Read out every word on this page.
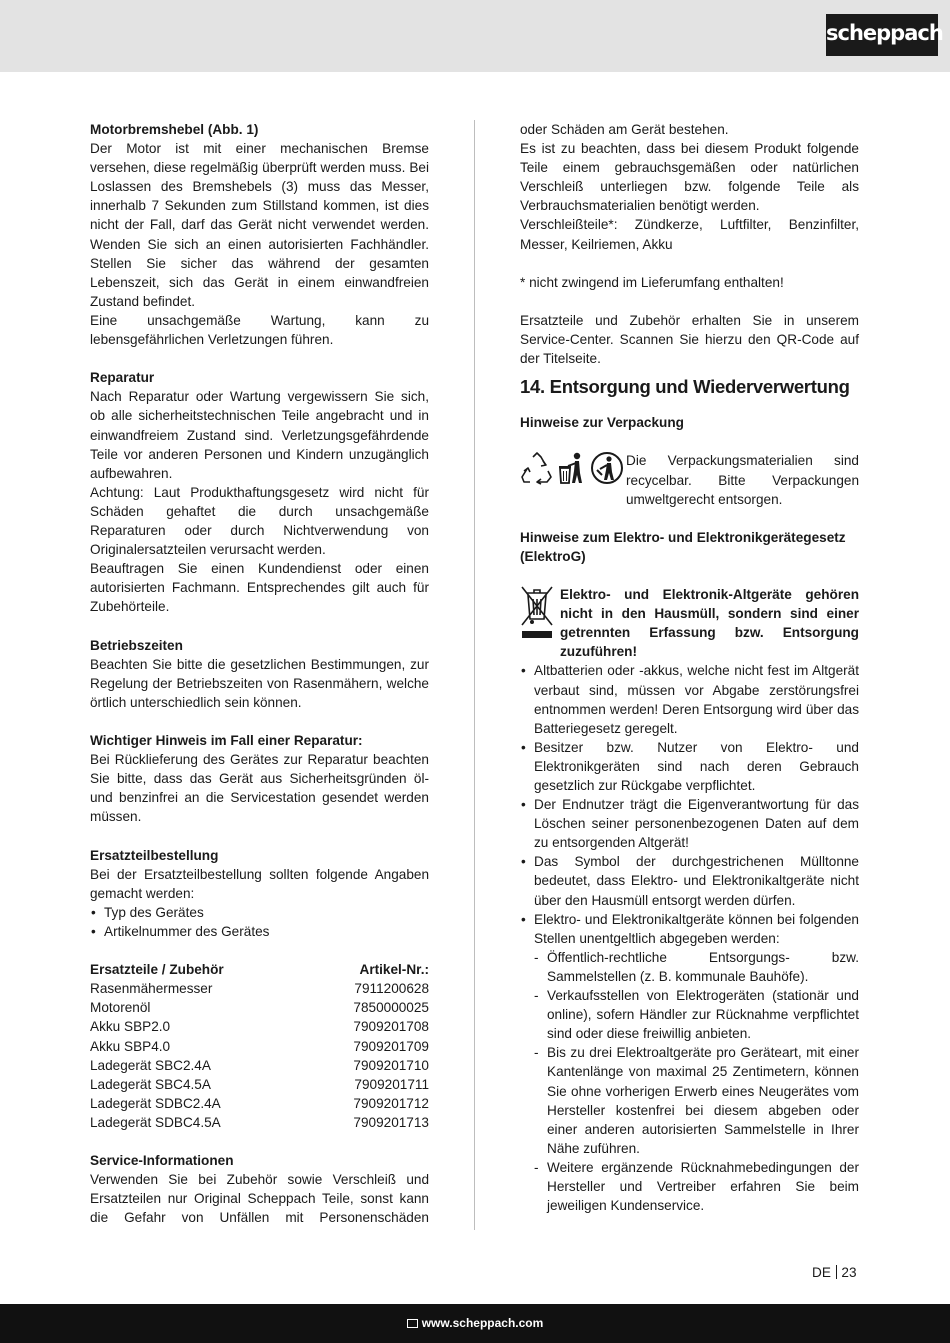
scheppach
Motorbremshebel (Abb. 1)
Der Motor ist mit einer mechanischen Bremse versehen, diese regelmäßig überprüft werden muss. Bei Loslassen des Bremshebels (3) muss das Messer, innerhalb 7 Sekunden zum Stillstand kommen, ist dies nicht der Fall, darf das Gerät nicht verwendet werden. Wenden Sie sich an einen autorisierten Fachhändler. Stellen Sie sicher das während der gesamten Lebenszeit, sich das Gerät in einem einwandfreien Zustand befindet.
Eine unsachgemäße Wartung, kann zu lebensgefährlichen Verletzungen führen.
Reparatur
Nach Reparatur oder Wartung vergewissern Sie sich, ob alle sicherheitstechnischen Teile angebracht und in einwandfreiem Zustand sind. Verletzungsgefährdende Teile vor anderen Personen und Kindern unzugänglich aufbewahren.
Achtung: Laut Produkthaftungsgesetz wird nicht für Schäden gehaftet die durch unsachgemäße Reparaturen oder durch Nichtverwendung von Originalersatzteilen verursacht werden.
Beauftragen Sie einen Kundendienst oder einen autorisierten Fachmann. Entsprechendes gilt auch für Zubehörteile.
Betriebszeiten
Beachten Sie bitte die gesetzlichen Bestimmungen, zur Regelung der Betriebszeiten von Rasenmähern, welche örtlich unterschiedlich sein können.
Wichtiger Hinweis im Fall einer Reparatur:
Bei Rücklieferung des Gerätes zur Reparatur beachten Sie bitte, dass das Gerät aus Sicherheitsgründen öl- und benzinfrei an die Servicestation gesendet werden müssen.
Ersatzteilbestellung
Bei der Ersatzteilbestellung sollten folgende Angaben gemacht werden:
• Typ des Gerätes
• Artikelnummer des Gerätes
Ersatzteile / Zubehör	Artikel-Nr.:
Rasenmähermesser	7911200628
Motorenöl	7850000025
Akku SBP2.0	7909201708
Akku SBP4.0	7909201709
Ladegerät SBC2.4A	7909201710
Ladegerät SBC4.5A	7909201711
Ladegerät SDBC2.4A	7909201712
Ladegerät SDBC4.5A	7909201713
Service-Informationen
Verwenden Sie bei Zubehör sowie Verschleiß und Ersatzteilen nur Original Scheppach Teile, sonst kann die Gefahr von Unfällen mit Personenschäden
oder Schäden am Gerät bestehen.
Es ist zu beachten, dass bei diesem Produkt folgende Teile einem gebrauchsgemäßen oder natürlichen Verschleiß unterliegen bzw. folgende Teile als Verbrauchsmaterialien benötigt werden.
Verschleißteile*: Zündkerze, Luftfilter, Benzinfilter, Messer, Keilriemen, Akku
* nicht zwingend im Lieferumfang enthalten!
Ersatzteile und Zubehör erhalten Sie in unserem Service-Center. Scannen Sie hierzu den QR-Code auf der Titelseite.
14. Entsorgung und Wiederverwertung
Hinweise zur Verpackung
Die Verpackungsmaterialien sind recycelbar. Bitte Verpackungen umweltgerecht entsorgen.
Hinweise zum Elektro- und Elektronikgerätegesetz (ElektroG)
Elektro- und Elektronik-Altgeräte gehören nicht in den Hausmüll, sondern sind einer getrennten Erfassung bzw. Entsorgung zuzuführen!
• Altbatterien oder -akkus, welche nicht fest im Altgerät verbaut sind, müssen vor Abgabe zerstörungsfrei entnommen werden! Deren Entsorgung wird über das Batteriegesetz geregelt.
• Besitzer bzw. Nutzer von Elektro- und Elektronikgeräten sind nach deren Gebrauch gesetzlich zur Rückgabe verpflichtet.
• Der Endnutzer trägt die Eigenverantwortung für das Löschen seiner personenbezogenen Daten auf dem zu entsorgenden Altgerät!
• Das Symbol der durchgestrichenen Mülltonne bedeutet, dass Elektro- und Elektronikaltgeräte nicht über den Hausmüll entsorgt werden dürfen.
• Elektro- und Elektronikaltgeräte können bei folgenden Stellen unentgeltlich abgegeben werden:
- Öffentlich-rechtliche Entsorgungs- bzw. Sammelstellen (z. B. kommunale Bauhöfe).
- Verkaufsstellen von Elektrogeräten (stationär und online), sofern Händler zur Rücknahme verpflichtet sind oder diese freiwillig anbieten.
- Bis zu drei Elektroaltgeräte pro Geräteart, mit einer Kantenlänge von maximal 25 Zentimetern, können Sie ohne vorherigen Erwerb eines Neugerätes vom Hersteller kostenfrei bei diesem abgeben oder einer anderen autorisierten Sammelstelle in Ihrer Nähe zuführen.
- Weitere ergänzende Rücknahmebedingungen der Hersteller und Vertreiber erfahren Sie beim jeweiligen Kundenservice.
DE 23
www.scheppach.com
